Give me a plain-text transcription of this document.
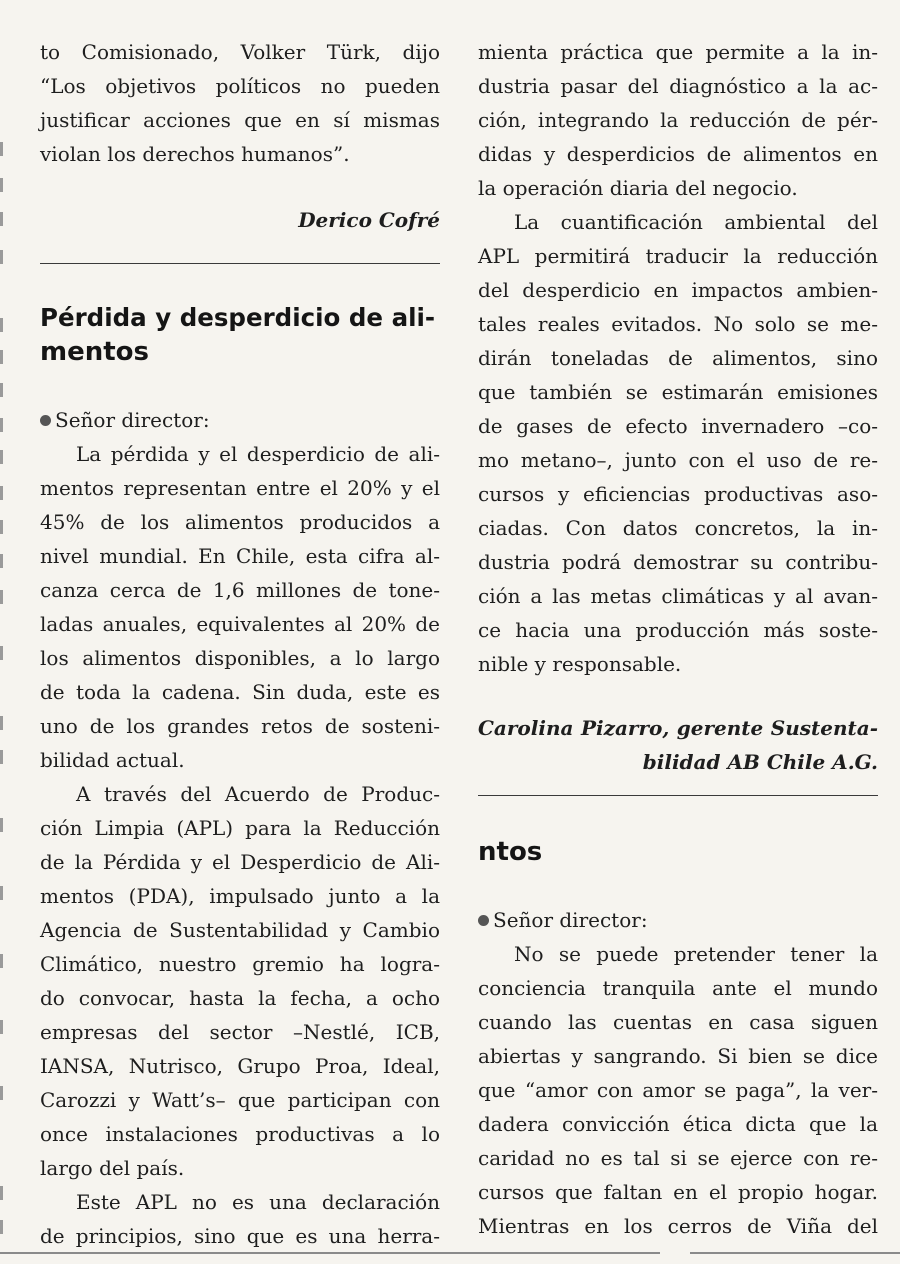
to Comisionado, Volker Türk, dijo
“Los objetivos políticos no pueden
justificar acciones que en sí mismas
violan los derechos humanos”.
Derico Cofré
Pérdida y desperdicio de ali-
mentos
Señor director:
La pérdida y el desperdicio de ali-
mentos representan entre el 20% y el
45% de los alimentos producidos a
nivel mundial. En Chile, esta cifra al-
canza cerca de 1,6 millones de tone-
ladas anuales, equivalentes al 20% de
los alimentos disponibles, a lo largo
de toda la cadena. Sin duda, este es
uno de los grandes retos de sosteni-
bilidad actual.
A través del Acuerdo de Produc-
ción Limpia (APL) para la Reducción
de la Pérdida y el Desperdicio de Ali-
mentos (PDA), impulsado junto a la
Agencia de Sustentabilidad y Cambio
Climático, nuestro gremio ha logra-
do convocar, hasta la fecha, a ocho
empresas del sector –Nestlé, ICB,
IANSA, Nutrisco, Grupo Proa, Ideal,
Carozzi y Watt’s– que participan con
once instalaciones productivas a lo
largo del país.
Este APL no es una declaración
de principios, sino que es una herra-
mienta práctica que permite a la in-
dustria pasar del diagnóstico a la ac-
ción, integrando la reducción de pér-
didas y desperdicios de alimentos en
la operación diaria del negocio.
La cuantificación ambiental del
APL permitirá traducir la reducción
del desperdicio en impactos ambien-
tales reales evitados. No solo se me-
dirán toneladas de alimentos, sino
que también se estimarán emisiones
de gases de efecto invernadero –co-
mo metano–, junto con el uso de re-
cursos y eficiencias productivas aso-
ciadas. Con datos concretos, la in-
dustria podrá demostrar su contribu-
ción a las metas climáticas y al avan-
ce hacia una producción más soste-
nible y responsable.
Carolina Pizarro, gerente Sustenta-
bilidad AB Chile A.G.
ntos
Señor director:
No se puede pretender tener la
conciencia tranquila ante el mundo
cuando las cuentas en casa siguen
abiertas y sangrando. Si bien se dice
que “amor con amor se paga”, la ver-
dadera convicción ética dicta que la
caridad no es tal si se ejerce con re-
cursos que faltan en el propio hogar.
Mientras en los cerros de Viña del
